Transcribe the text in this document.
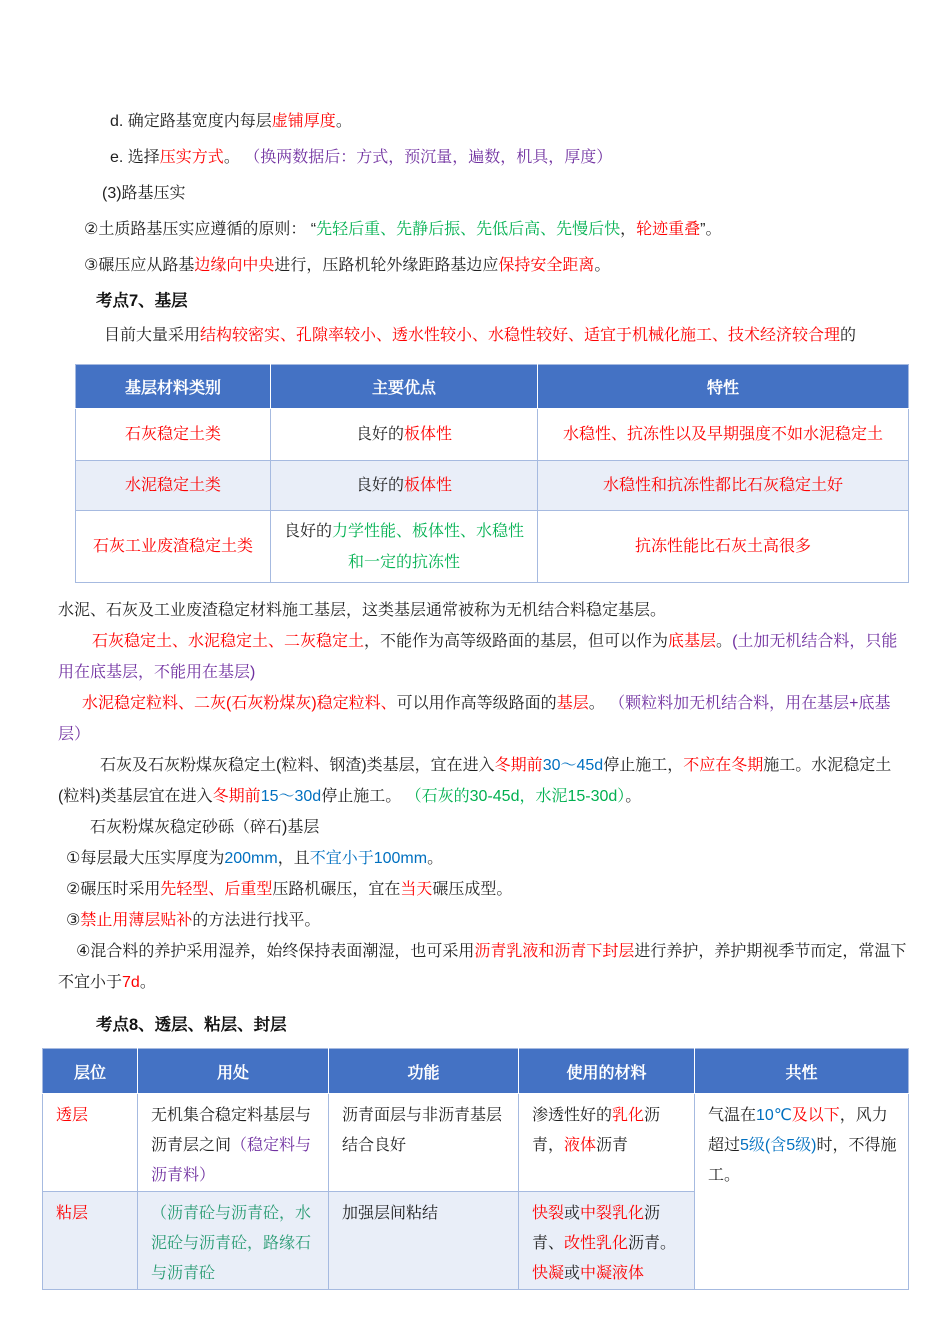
d. 确定路基宽度内每层虚铺厚度。

e. 选择压实方式。 （换两数据后：方式，预沉量，遍数，机具，厚度）

(3)路基压实

②土质路基压实应遵循的原则： “先轻后重、先静后振、先低后高、先慢后快，轮迹重叠”。

③碾压应从路基边缘向中央进行，压路机轮外缘距路基边应保持安全距离。

考点7、基层

目前大量采用结构较密实、孔隙率较小、透水性较小、水稳性较好、适宜于机械化施工、技术经济较合理的

基层材料类别	主要优点	特性
石灰稳定土类	良好的板体性	水稳性、抗冻性以及早期强度不如水泥稳定土
水泥稳定土类	良好的板体性	水稳性和抗冻性都比石灰稳定土好
石灰工业废渣稳定土类	良好的力学性能、板体性、水稳性和一定的抗冻性	抗冻性能比石灰土高很多

水泥、石灰及工业废渣稳定材料施工基层，这类基层通常被称为无机结合料稳定基层。

石灰稳定土、水泥稳定土、二灰稳定土，不能作为高等级路面的基层，但可以作为底基层。(土加无机结合料，只能用在底基层，不能用在基层)

水泥稳定粒料、二灰(石灰粉煤灰)稳定粒料、可以用作高等级路面的基层。 （颗粒料加无机结合料，用在基层+底基层）

石灰及石灰粉煤灰稳定土(粒料、钢渣)类基层，宜在进入冬期前30～45d停止施工，不应在冬期施工。水泥稳定土(粒料)类基层宜在进入冬期前15～30d停止施工。 （石灰的30-45d，水泥15-30d）。

石灰粉煤灰稳定砂砾（碎石)基层

①每层最大压实厚度为200mm，且不宜小于100mm。

②碾压时采用先轻型、后重型压路机碾压，宜在当天碾压成型。

③禁止用薄层贴补的方法进行找平。

④混合料的养护采用湿养，始终保持表面潮湿，也可采用沥青乳液和沥青下封层进行养护，养护期视季节而定，常温下不宜小于7d。

考点8、透层、粘层、封层
层位	用处	功能	使用的材料	共性
透层	无机集合稳定料基层与沥青层之间（稳定料与沥青料）	沥青面层与非沥青基层结合良好	渗透性好的乳化沥青，液体沥青	气温在10℃及以下，风力超过5级(含5级)时，不得施工。
粘层	（沥青砼与沥青砼，水泥砼与沥青砼，路缘石与沥青砼	加强层间粘结	快裂或中裂乳化沥青、改性乳化沥青。快凝或中凝液体	
